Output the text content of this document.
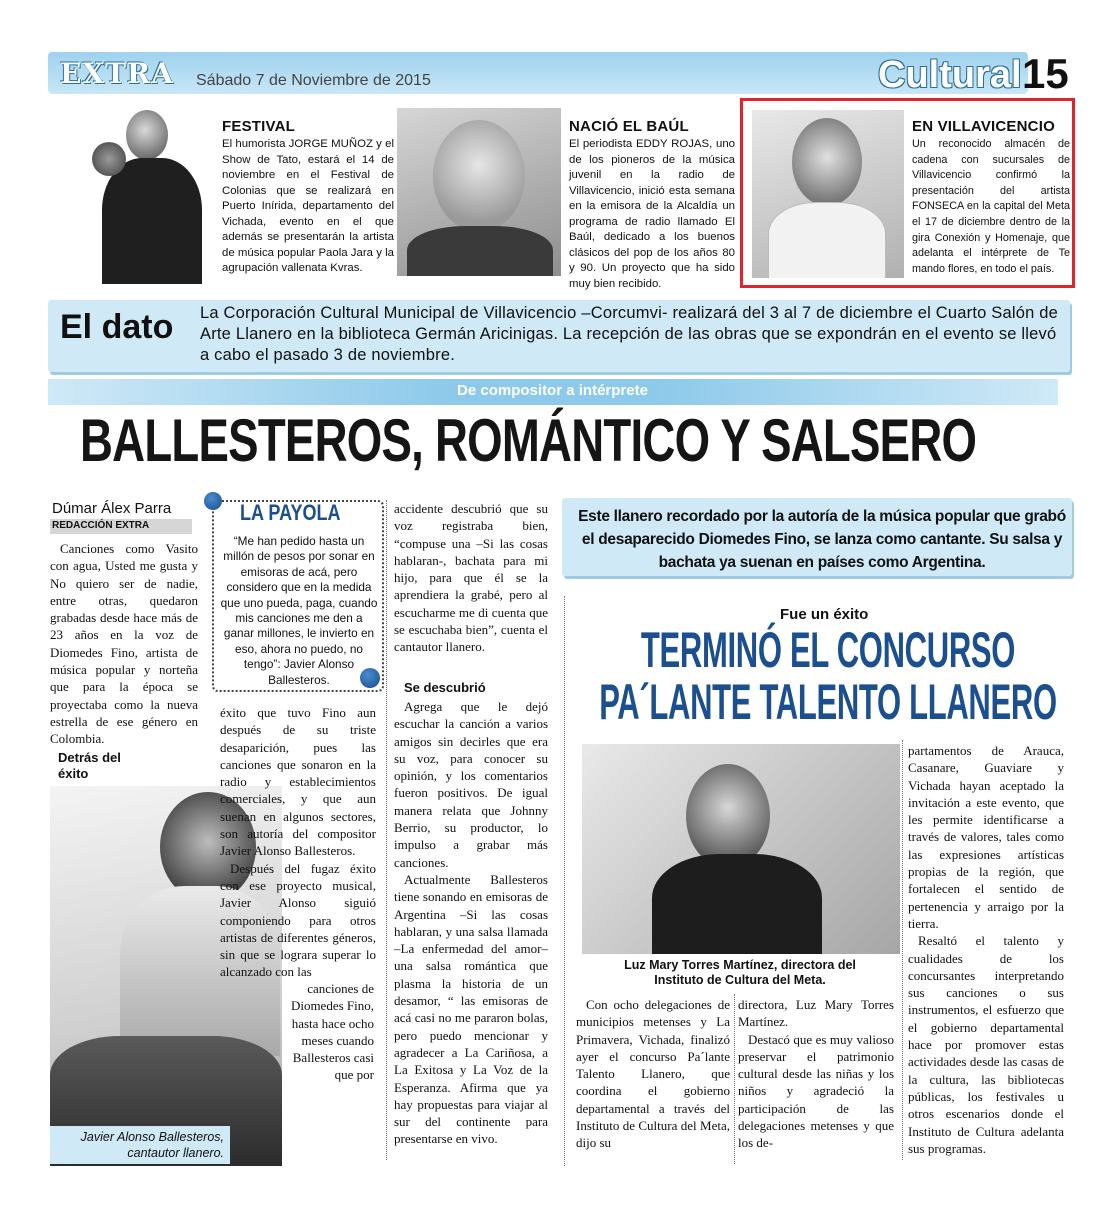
EXTRA Sábado 7 de Noviembre de 2015	Cultural 15
FESTIVAL
El humorista JORGE MUÑOZ y el Show de Tato, estará el 14 de noviembre en el Festival de Colonias que se realizará en Puerto Inírida, departamento del Vichada, evento en el que además se presentarán la artista de música popular Paola Jara y la agrupación vallenata Kvras.
NACIÓ EL BAÚL
El periodista EDDY ROJAS, uno de los pioneros de la música juvenil en la radio de Villavicencio, inició esta semana en la emisora de la Alcaldía un programa de radio llamado El Baúl, dedicado a los buenos clásicos del pop de los años 80 y 90. Un proyecto que ha sido muy bien recibido.
EN VILLAVICENCIO
Un reconocido almacén de cadena con sucursales de Villavicencio confirmó la presentación del artista FONSECA en la capital del Meta el 17 de diciembre dentro de la gira Conexión y Homenaje, que adelanta el intérprete de Te mando flores, en todo el país.
El dato La Corporación Cultural Municipal de Villavicencio –Corcumvi- realizará del 3 al 7 de diciembre el Cuarto Salón de Arte Llanero en la biblioteca Germán Aricinigas. La recepción de las obras que se expondrán en el evento se llevó a cabo el pasado 3 de noviembre.
De compositor a intérprete
BALLESTEROS, ROMÁNTICO Y SALSERO
Dúmar Álex Parra
REDACCIÓN EXTRA

Canciones como Vasito con agua, Usted me gusta y No quiero ser de nadie, entre otras, quedaron grabadas desde hace más de 23 años en la voz de Diomedes Fino, artista de música popular y norteña que para la época se proyectaba como la nueva estrella de ese género en Colombia.

Detrás del éxito

canciones de Diomedes Fino, hasta hace ocho meses cuando Ballesteros casi que por

Javier Alonso Ballesteros,
cantautor llanero.
LA PAYOLA
“Me han pedido hasta un millón de pesos por sonar en emisoras de acá, pero considero que en la medida que uno pueda, paga, cuando mis canciones me den a ganar millones, le invierto en eso, ahora no puedo, no tengo”: Javier Alonso Ballesteros.

éxito que tuvo Fino aun después de su triste desaparición, pues las canciones que sonaron en la radio y establecimientos comerciales, y que aun suenan en algunos sectores, son autoría del compositor Javier Alonso Ballesteros.

Después del fugaz éxito con ese proyecto musical, Javier Alonso siguió componiendo para otros artistas de diferentes géneros, sin que se lograra superar lo alcanzado con las

accidente descubrió que su voz registraba bien, “compuse una –Si las cosas hablaran-, bachata para mi hijo, para que él se la aprendiera la grabé, pero al escucharme me di cuenta que se escuchaba bien”, cuenta el cantautor llanero.

Se descubrió

Agrega que le dejó escuchar la canción a varios amigos sin decirles que era su voz, para conocer su opinión, y los comentarios fueron positivos. De igual manera relata que Johnny Berrio, su productor, lo impulso a grabar más canciones.

Actualmente Ballesteros tiene sonando en emisoras de Argentina –Si las cosas hablaran, y una salsa llamada –La enfermedad del amor– una salsa romántica que plasma la historia de un desamor, “ las emisoras de acá casi no me pararon bolas, pero puedo mencionar y agradecer a La Cariñosa, a La Exitosa y La Voz de la Esperanza. Afirma que ya hay propuestas para viajar al sur del continente para presentarse en vivo.

Este llanero recordado por la autoría de la música popular que grabó el desaparecido Diomedes Fino, se lanza como cantante. Su salsa y bachata ya suenan en países como Argentina.
Fue un éxito
TERMINÓ EL CONCURSO
PA´LANTE TALENTO LLANERO
Luz Mary Torres Martínez, directora del
Instituto de Cultura del Meta.

Con ocho delegaciones de municipios metenses y La Primavera, Vichada, finalizó ayer el concurso Pa´lante Talento Llanero, que coordina el gobierno departamental a través del Instituto de Cultura del Meta, dijo su

directora, Luz Mary Torres Martínez.

Destacó que es muy valioso preservar el patrimonio cultural desde las niñas y los niños y agradeció la participación de las delegaciones metenses y que los de-

partamentos de Arauca, Casanare, Guaviare y Vichada hayan aceptado la invitación a este evento, que les permite identificarse a través de valores, tales como las expresiones artísticas propias de la región, que fortalecen el sentido de pertenencia y arraigo por la tierra.

Resaltó el talento y cualidades de los concursantes interpretando sus canciones o sus instrumentos, el esfuerzo que el gobierno departamental hace por promover estas actividades desde las casas de la cultura, las bibliotecas públicas, los festivales u otros escenarios donde el Instituto de Cultura adelanta sus programas.
